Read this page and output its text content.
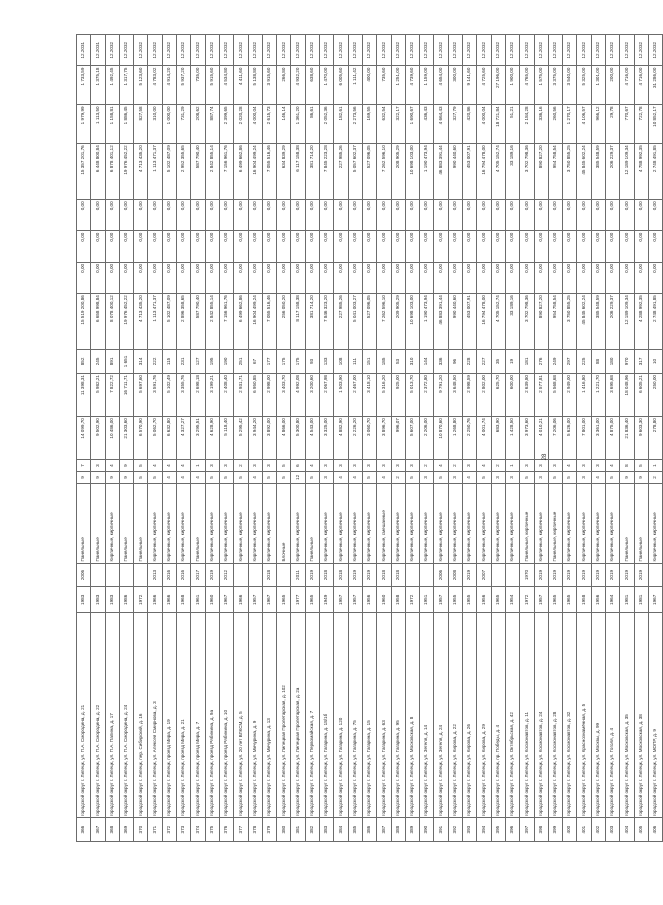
366	городской округ г. Липецк, ул. П.А. Смородина, д. 21	1983	2006	Панельные	9	7	14 099,70	11 398,31	852	15 519 200,86	0,00	0,00	0,00	15 357 201,76	1 979,99	1 733,59	12.2031
367	городской округ г. Липецк, ул. П.А. Смородина, д. 22	1983		Панельные	9	3	9 502,90	5 982,21	245	6 658 998,84	0,00	0,00	0,00	6 448 800,84	1 113,50	1 375,18	12.2031
368	городской округ г. Липецк, ул. П.А. Папина, д. 17	1983		Кирпичные, кирпичные	9	4	10 486,00	7 822,72	891	8 078 400,12	0,00	0,00	0,00	6 878 401,12	1 158,81	1 492,45	12.2032
369	городской округ г. Липецк, ул. П.А. Смородина, д. 24	1986		Панельные	9	9	21 303,60	16 711,71	1 651	19 976 452,22	0,00	0,00	0,00	19 976 452,22	1 886,45	1 317,75	12.2032
370	городской округ г. Липецк, пер. Сибирский, д. 16	1972		Панельные	5	5	6 570,90	5 697,60	314	4 713 435,20	0,00	0,00	0,00	4 713 435,20	827,58	5 123,60	12.2032
371	городской округ г. Липецк, ул. Алексея Смирнова, д. 3	1966	2013	Кирпичные, кирпичные	5	4	5 062,70	3 591,76	222	1 113 471,37	0,00	0,00	0,00	1 113 471,37	310,00	4 783,02	12.2032
372	городской округ г. Липецк, проезд Мира, д. 19	1966	2016	Кирпичные, кирпичные	4	4	6 632,80	5 102,49	115	5 102 487,09	0,00	0,00	0,00	5 102 487,09	1 000,00	4 914,20	12.2032
373	городской округ г. Липецк, проезд Мира, д. 21	1968	2016	Кирпичные, кирпичные	4	4	4 327,27	3 355,76	231	2 896 358,65	0,00	0,00	0,00	2 952 355,65	731,29	5 937,20	12.2032
374	городской округ г. Липецк, проезд Мира, д. 7	1961	2017	Панельные	4	1	3 295,51	2 698,18	127	587 790,40	0,00	0,00	0,00	587 790,40	208,62	735,00	12.2032
375	городской округ г. Липецк, проезд Рябинина, д. 9а	1960	2019	Кирпичные, кирпичные	5	3	4 628,90	3 199,21	195	2 842 855,14	0,00	0,00	0,00	2 842 855,14	887,74	5 915,60	12.2032
376	городской округ г. Липецк, проезд Рябинина, д. 10	1967	2012	Кирпичные, кирпичные	5	3	5 118,40	2 408,40	190	7 156 961,76	0,00	0,00	0,00	7 156 961,76	2 399,65	4 534,80	12.2032
377	городской округ г. Липецк, ул. 20 лет ВЛКСМ, д. 5	1966		Кирпичные, кирпичные	5	2	5 295,42	2 931,71	251	6 499 662,86	0,00	0,00	0,00	6 499 662,86	2 020,28	4 411,60	12.2032
378	городской округ г. Липецк, ул. Мичурина, д. 9	1957		Кирпичные, кирпичные	4	3	3 944,20	6 950,85	67	16 904 499,24	0,00	0,00	0,00	16 904 499,24	4 000,04	5 138,80	12.2032
379	городской округ г. Липецк, ул. Мичурина, д. 13	1967	2018	Кирпичные, кирпичные	5	3	3 892,00	2 998,00	177	7 055 516,46	0,00	0,00	0,00	7 055 516,46	2 615,73	3 915,60	12.2032
380	городской округ г. Липецк, ул. Липецкая Пролетарская, д. 102	1965		Блочные	5	5	4 866,00	3 403,70	175	256 050,20	0,00	0,00	0,00	634 839,29	146,14	266,80	12.2032
381	городской округ г. Липецк, ул. Липецкая Пролетарская, д. 2а	1977	2011	Кирпичные, кирпичные	12	6	5 300,80	4 992,08	175	8 117 158,38	0,00	0,00	0,00	6 117 158,38	1 361,20	4 932,20	12.2032
382	городской округ г. Липецк, ул. Первомайская, д. 7	1965	2019	Панельные	5	4	4 543,00	3 200,60	93	381 714,20	0,00	0,00	0,00	381 714,20	86,61	638,60	12.2032
383	городской округ г. Липецк, ул. Гагарина, д. 18/1б	1949	2018	Кирпичные, кирпичные	3	3	3 325,00	2 067,98	133	7 846 323,20	0,00	0,00	0,00	7 845 223,28	2 052,36	1 470,00	12.2032
384	городской округ г. Липецк, ул. Гагарина, д. 120	1957	2018	Кирпичные, кирпичные	4	3	4 882,90	1 503,90	108	227 985,26	0,00	0,00	0,00	227 985,26	182,61	6 005,60	12.2032
385	городской округ г. Липецк, ул. Гагарина, д. 75	1957	2019	Кирпичные, кирпичные	4	3	2 226,20	2 467,00	111	5 041 003,27	0,00	0,00	0,00	5 057 602,37	2 273,56	1 111,42	12.2032
386	городской округ г. Липецк, ул. Гагарина, д. 15	1956	2019	Кирпичные, кирпичные	5	3	3 060,70	3 418,10	151	527 096,05	0,00	0,00	0,00	527 096,05	169,55	400,00	12.2032
387	городской округ г. Липецк, ул. Гагарина, д. 63	1960	2018	Кирпичные, смешанные	4	3	3 896,70	5 316,20	185	7 262 596,10	0,00	0,00	0,00	7 262 596,10	632,54	735,60	12.2032
388	городской округ г. Липецк, ул. Гагарина, д. 95	1958	2018	Кирпичные, кирпичные	2	3	996,07	925,00	53	209 905,29	0,00	0,00	0,00	208 905,29	322,17	1 251,00	12.2032
389	городской округ г. Липецк, ул. Московская, д. 8	1972		Кирпичные, кирпичные	5	3	5 607,00	5 013,70	310	10 698 103,00	0,00	0,00	0,00	10 698 103,00	1 690,67	4 739,60	12.2032
390	городской округ г. Липецк, ул. Зегеля, д. 14	1951		Кирпичные, кирпичные	3	2	2 206,00	2 372,80	144	1 190 473,94	0,00	0,00	0,00	1 190 473,94	436,43	1 159,00	12.2032
391	городской округ г. Липецк, ул. Зегеля, д. 24	1957	2006	Кирпичные, кирпичные	5	4	10 870,60	9 791,20	336	46 883 391,44	0,00	0,00	0,00	46 883 391,44	4 664,43	4 654,00	12.2032
392	городской округ г. Липецк, ул. Кирова, д. 22	1955	2008	Кирпичные, кирпичные	3	2	1 268,80	3 648,50	96	990 440,60	0,00	0,00	0,00	990 440,60	327,79	300,00	12.2032
393	городской округ г. Липецк, ул. Кирова, д. 26	1955	2019	Кирпичные, кирпичные	4	3	2 250,76	2 998,59	228	453 007,91	0,00	0,00	0,00	453 007,91	420,86	9 141,60	12.2032
394	городской округ г. Липецк, ул. Кирова, д. 29	1956	2007	Кирпичные, кирпичные	5	4	4 001,74	2 802,00	227	16 794 478,00	0,00	0,00	0,00	16 794 478,00	4 000,04	4 725,60	12.2032
395	городской округ г. Липецк, пр. Победы, д. 4	1965		Кирпичные, кирпичные	3	2	683,90	625,70	35	4 705 152,74	0,00	0,00	0,00	4 705 152,74	18 721,84	27 196,00	12.2032
396	городской округ г. Липецк, ул. Октябрьская, д. 42	1954		Кирпичные, кирпичные	3	1	1 428,50	600,00	19	33 189,16	0,00	0,00	0,00	33 189,16	51,21	1 900,00	12.2032
397	городской округ г. Липецк, ул. Космонавтов, д. 11	1972	1970	Панельные, кирпичные	5	3	3 973,60	2 639,80	181	3 702 798,36	0,00	0,00	0,00	3 702 798,36	2 184,28	4 765,00	12.2032
398	городской округ г. Липецк, ул. Космонавтов, д. 24	1957	2019	Кирпичные, кирпичные	3	3	4 010,21	2 577,81	276	890 827,20	0,00	0,00	0,00	890 827,20	336,16	1 575,00	12.2032
399	городской округ г. Липецк, ул. Космонавтов, д. 28	1965	2019	Панельные, кирпичные	5	3	7 206,06	5 568,68	249	954 758,54	0,00	0,00	0,00	954 758,54	260,56	3 375,00	12.2032
400	городской округ г. Липецк, ул. Космонавтов, д. 32	1965	2019	Кирпичные, кирпичные	5	4	5 626,00	2 949,00	297	3 750 855,25	0,00	0,00	0,00	3 750 855,25	1 270,17	3 540,00	12.2032
401	городской округ г. Липецк, ул. Краснознамённая, д. 5	1958	2019	Кирпичные, кирпичные	3	3	7 801,00	1 416,80	225	45 845 602,24	0,00	0,00	0,00	45 845 602,24	4 106,57	5 325,00	12.2032
402	городской округ г. Липецк, ул. Москвы, д. 99	1956	2019	Кирпичные, кирпичные	4	3	3 361,00	1 221,70	88	385 548,59	0,00	0,00	0,00	385 548,59	966,12	1 301,00	12.2032
403	городской округ г. Липецк, ул. Гоголя, д. 4	1964	2019	Кирпичные, кирпичные	5	4	4 875,00	3 695,68	180	206 229,37	0,00	0,00	0,00	206 229,37	29,78	200,00	12.2032
404	городской округ г. Липецк, ул. Московская, д. 35	1981	2019	Панельные	9	8	21 836,40	18 048,96	970	12 189 109,34	0,00	0,00	0,00	12 189 109,34	770,67	4 716,00	12.2032
405	городской округ г. Липецк, ул. Московская, д. 38	1981	2019	Панельные	9	5	9 603,30	6 605,21	317	4 288 992,35	0,00	0,00	0,00	4 788 992,35	722,78	4 716,00	12.2032
406	городской округ г. Липецк, ул. МОПР, д. 9	1967		Кирпичные, кирпичные	2	1	278,80	250,00	10	2 748 491,85	0,00	0,00	0,00	2 748 491,85	10 852,17	31 286,00	12.2032
28
